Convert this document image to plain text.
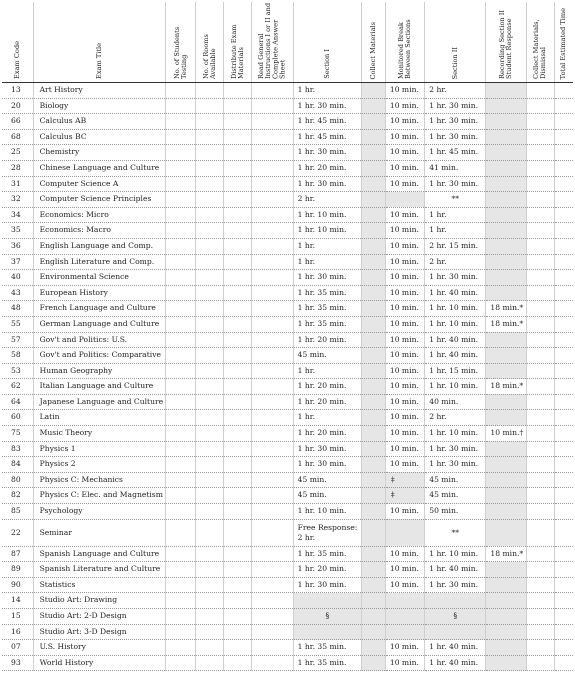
Exam Code	Exam Title	No. of Students Testing	No. of Rooms Available	Distribute Exam Materials	Read General Instructions I or II and Complete Answer Sheet	Section I	Collect Materials	Monitored Break Between Sections	Section II	Recording Section II Student Response	Collect Materials, Dismissal	Total Estimated Time

13	Art History					1 hr.		10 min.	2 hr.			
20	Biology					1 hr. 30 min.		10 min.	1 hr. 30 min.			
66	Calculus AB					1 hr. 45 min.		10 min.	1 hr. 30 min.			
68	Calculus BC					1 hr. 45 min.		10 min.	1 hr. 30 min.			
25	Chemistry					1 hr. 30 min.		10 min.	1 hr. 45 min.			
28	Chinese Language and Culture					1 hr. 20 min.		10 min.	41 min.			
31	Computer Science A					1 hr. 30 min.		10 min.	1 hr. 30 min.			
32	Computer Science Principles					2 hr.			**			
34	Economics: Micro					1 hr. 10 min.		10 min.	1 hr.			
35	Economics: Macro					1 hr. 10 min.		10 min.	1 hr.			
36	English Language and Comp.					1 hr.		10 min.	2 hr. 15 min.			
37	English Literature and Comp.					1 hr.		10 min.	2 hr.			
40	Environmental Science					1 hr. 30 min.		10 min.	1 hr. 30 min.			
43	European History					1 hr. 35 min.		10 min.	1 hr. 40 min.			
48	French Language and Culture					1 hr. 35 min.		10 min.	1 hr. 10 min.	18 min.*		
55	German Language and Culture					1 hr. 35 min.		10 min.	1 hr. 10 min.	18 min.*		
57	Gov't and Politics: U.S.					1 hr. 20 min.		10 min.	1 hr. 40 min.			
58	Gov't and Politics: Comparative					45 min.		10 min.	1 hr. 40 min.			
53	Human Geography					1 hr.		10 min.	1 hr. 15 min.			
62	Italian Language and Culture					1 hr. 20 min.		10 min.	1 hr. 10 min.	18 min.*		
64	Japanese Language and Culture					1 hr. 20 min.		10 min.	40 min.			
60	Latin					1 hr.		10 min.	2 hr.			
75	Music Theory					1 hr. 20 min.		10 min.	1 hr. 10 min.	10 min.†		
83	Physics 1					1 hr. 30 min.		10 min.	1 hr. 30 min.			
84	Physics 2					1 hr. 30 min.		10 min.	1 hr. 30 min.			
80	Physics C: Mechanics					45 min.		‡	45 min.			
82	Physics C: Elec. and Magnetism					45 min.		‡	45 min.			
85	Psychology					1 hr. 10 min.		10 min.	50 min.			
22	Seminar					Free Response: 2 hr.			**			
87	Spanish Language and Culture					1 hr. 35 min.		10 min.	1 hr. 10 min.	18 min.*		
89	Spanish Literature and Culture					1 hr. 20 min.		10 min.	1 hr. 40 min.			
90	Statistics					1 hr. 30 min.		10 min.	1 hr. 30 min.			
14	Studio Art: Drawing											
15	Studio Art: 2-D Design					§			§			
16	Studio Art: 3-D Design											
07	U.S. History					1 hr. 35 min.		10 min.	1 hr. 40 min.			
93	World History					1 hr. 35 min.		10 min.	1 hr. 40 min.			
